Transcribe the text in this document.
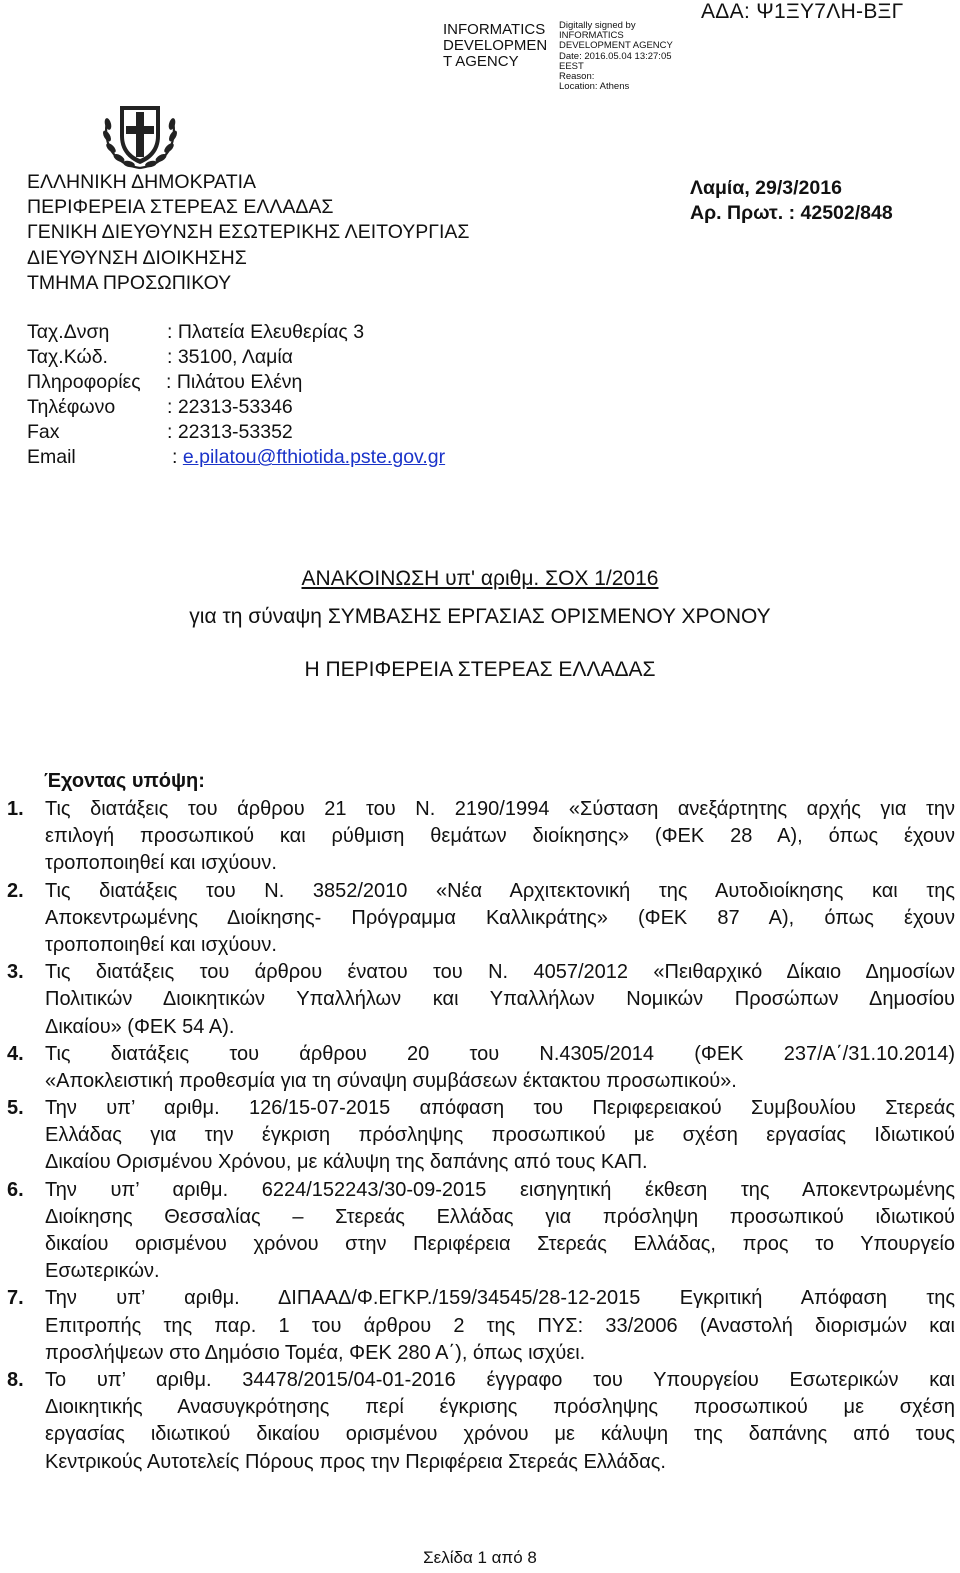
INFORMATICS
DEVELOPMEN
T AGENCY
Digitally signed by
INFORMATICS
DEVELOPMENT AGENCY
Date: 2016.05.04 13:27:05
EEST
Reason:
Location: Athens
ΑΔΑ: Ψ1ΞΥ7ΛΗ-ΒΞΓ
ΕΛΛΗΝΙΚΗ ΔΗΜΟΚΡΑΤΙΑ
ΠΕΡΙΦΕΡΕΙΑ ΣΤΕΡΕΑΣ ΕΛΛΑΔΑΣ
ΓΕΝΙΚΗ ΔΙΕΥΘΥΝΣΗ ΕΣΩΤΕΡΙΚΗΣ ΛΕΙΤΟΥΡΓΙΑΣ
ΔΙΕΥΘΥΝΣΗ ΔΙΟΙΚΗΣΗΣ
ΤΜΗΜΑ ΠΡΟΣΩΠΙΚΟΥ
Λαμία, 29/3/2016
Αρ. Πρωτ. : 42502/848
Ταχ.Δνση	: Πλατεία Ελευθερίας 3
Ταχ.Κώδ.	: 35100, Λαμία
Πληροφορίες : Πιλάτου Ελένη
Τηλέφωνο	: 22313-53346
Fax	: 22313-53352
Email	: e.pilatou@fthiotida.pste.gov.gr
ΑΝΑΚΟΙΝΩΣΗ υπ' αριθμ. ΣΟΧ 1/2016
για τη σύναψη ΣΥΜΒΑΣΗΣ ΕΡΓΑΣΙΑΣ ΟΡΙΣΜΕΝΟΥ ΧΡΟΝΟΥ
Η ΠΕΡΙΦΕΡΕΙΑ ΣΤΕΡΕΑΣ ΕΛΛΑΔΑΣ
Έχοντας υπόψη:
1. Τις διατάξεις του άρθρου 21 του Ν. 2190/1994 «Σύσταση ανεξάρτητης αρχής για την
επιλογή προσωπικού και ρύθμιση θεμάτων διοίκησης» (ΦΕΚ 28 Α), όπως έχουν
τροποποιηθεί και ισχύουν.
2. Τις διατάξεις του Ν. 3852/2010 «Νέα Αρχιτεκτονική της Αυτοδιοίκησης και της
Αποκεντρωμένης Διοίκησης- Πρόγραμμα Καλλικράτης» (ΦΕΚ 87 Α), όπως έχουν
τροποποιηθεί και ισχύουν.
3. Τις διατάξεις του άρθρου ένατου του Ν. 4057/2012 «Πειθαρχικό Δίκαιο Δημοσίων
Πολιτικών Διοικητικών Υπαλλήλων και Υπαλλήλων Νομικών Προσώπων Δημοσίου
Δικαίου» (ΦΕΚ 54 Α).
4. Τις διατάξεις του άρθρου 20 του Ν.4305/2014 (ΦΕΚ 237/Α΄/31.10.2014)
«Αποκλειστική προθεσμία για τη σύναψη συμβάσεων έκτακτου προσωπικού».
5. Την υπ’ αριθμ. 126/15-07-2015 απόφαση του Περιφερειακού Συμβουλίου Στερεάς
Ελλάδας για την έγκριση πρόσληψης προσωπικού με σχέση εργασίας Ιδιωτικού
Δικαίου Ορισμένου Χρόνου, με κάλυψη της δαπάνης από τους ΚΑΠ.
6. Την υπ’ αριθμ. 6224/152243/30-09-2015 εισηγητική έκθεση της Αποκεντρωμένης
Διοίκησης Θεσσαλίας – Στερεάς Ελλάδας για πρόσληψη προσωπικού ιδιωτικού
δικαίου ορισμένου χρόνου στην Περιφέρεια Στερεάς Ελλάδας, προς το Υπουργείο
Εσωτερικών.
7. Την υπ’ αριθμ. ΔΙΠΑΑΔ/Φ.ΕΓΚΡ./159/34545/28-12-2015 Εγκριτική Απόφαση της
Επιτροπής της παρ. 1 του άρθρου 2 της ΠΥΣ: 33/2006 (Αναστολή διορισμών και
προσλήψεων στο Δημόσιο Τομέα, ΦΕΚ 280 Α΄), όπως ισχύει.
8. Το υπ’ αριθμ. 34478/2015/04-01-2016 έγγραφο του Υπουργείου Εσωτερικών και
Διοικητικής Ανασυγκρότησης περί έγκρισης πρόσληψης προσωπικού με σχέση
εργασίας ιδιωτικού δικαίου ορισμένου χρόνου με κάλυψη της δαπάνης από τους
Κεντρικούς Αυτοτελείς Πόρους προς την Περιφέρεια Στερεάς Ελλάδας.
Σελίδα 1 από 8
